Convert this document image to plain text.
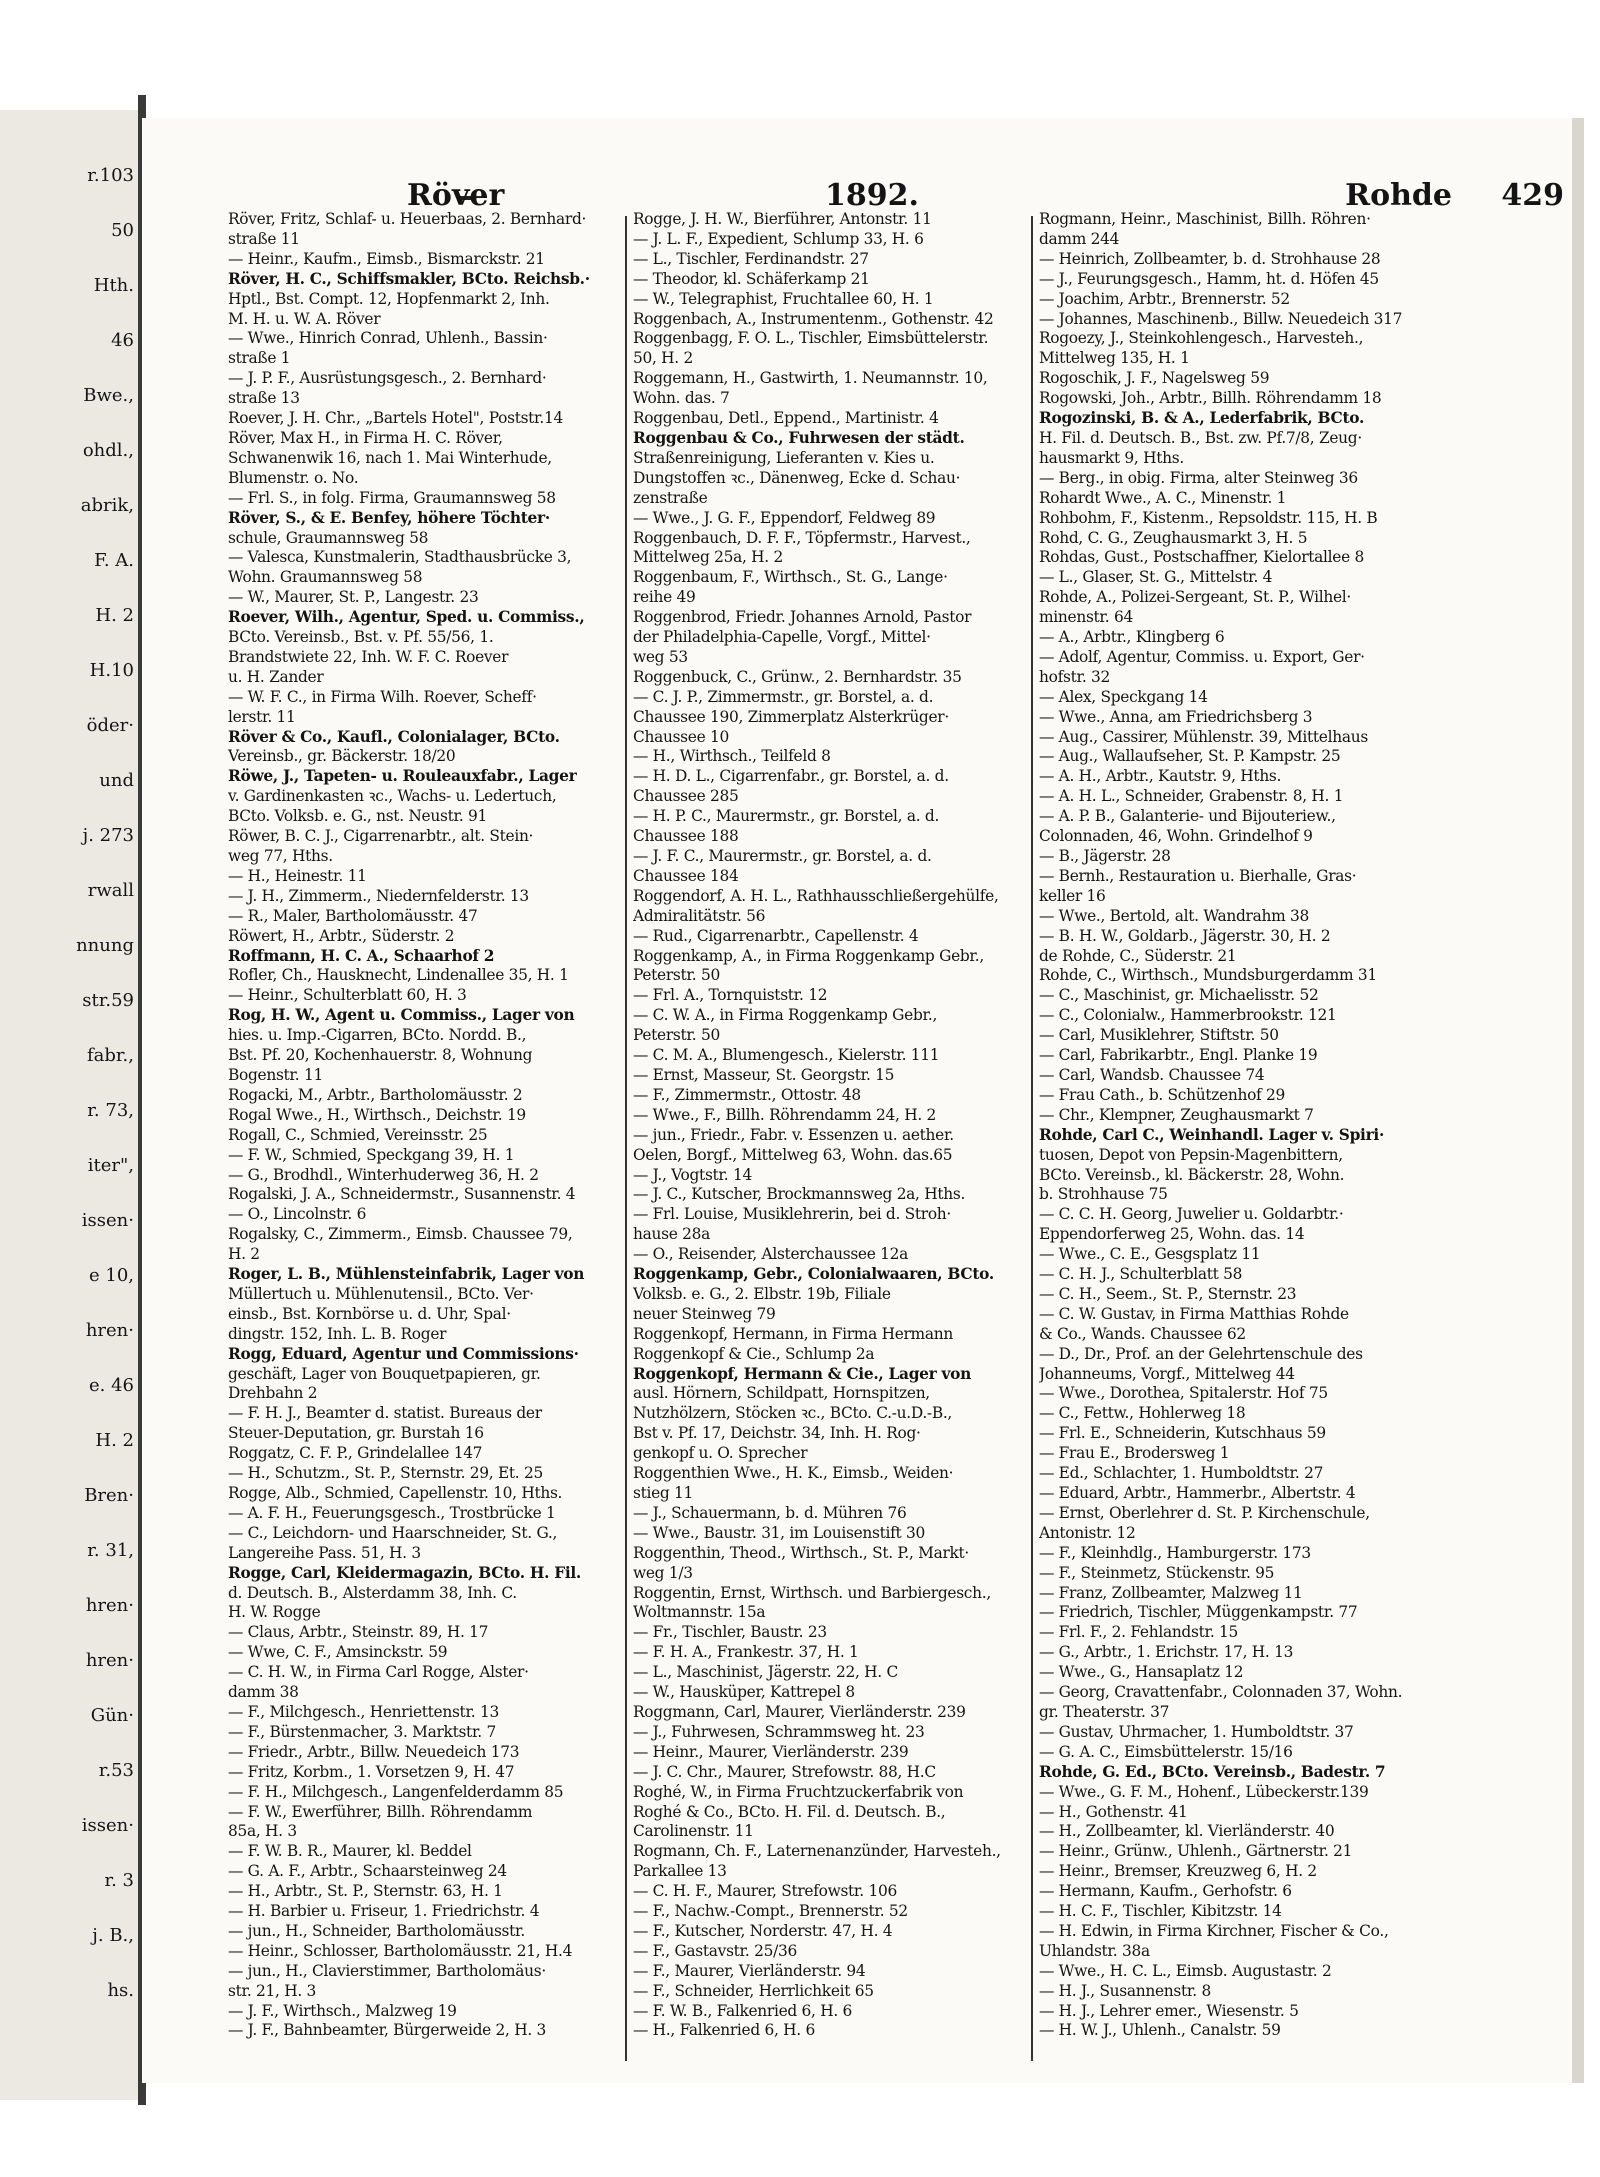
r.103
50
Hth.
46
Bwe.,
ohdl.,
abrik,
F. A.
H. 2
H.10
öder·
und
j. 273
rwall
nnung
str.59
fabr.,
r. 73,
iter",
issen·
e 10,
hren·
e. 46
H. 2
Bren·
r. 31,
hren·
hren·
Gün·
r.53
issen·
r. 3
j. B.,
hs.
Röver	1892.	Rohde 429
Röver, Fritz, Schlaf- u. Heuerbaas, 2. Bernhard·
straße 11
— Heinr., Kaufm., Eimsb., Bismarckstr. 21
Röver, H. C., Schiffsmakler, BCto. Reichsb.·
Hptl., Bst. Compt. 12, Hopfenmarkt 2, Inh.
M. H. u. W. A. Röver
— Wwe., Hinrich Conrad, Uhlenh., Bassin·
straße 1
— J. P. F., Ausrüstungsgesch., 2. Bernhard·
straße 13
Roever, J. H. Chr., „Bartels Hotel", Poststr.14
Röver, Max H., in Firma H. C. Röver,
Schwanenwik 16, nach 1. Mai Winterhude,
Blumenstr. o. No.
— Frl. S., in folg. Firma, Graumannsweg 58
Röver, S., & E. Benfey, höhere Töchter·
schule, Graumannsweg 58
— Valesca, Kunstmalerin, Stadthausbrücke 3,
Wohn. Graumannsweg 58
— W., Maurer, St. P., Langestr. 23
Roever, Wilh., Agentur, Sped. u. Commiss.,
BCto. Vereinsb., Bst. v. Pf. 55/56, 1.
Brandstwiete 22, Inh. W. F. C. Roever
u. H. Zander
— W. F. C., in Firma Wilh. Roever, Scheff·
lerstr. 11
Röver & Co., Kaufl., Colonialager, BCto.
Vereinsb., gr. Bäckerstr. 18/20
Röwe, J., Tapeten- u. Rouleauxfabr., Lager
v. Gardinenkasten ꝛc., Wachs- u. Ledertuch,
BCto. Volksb. e. G., nst. Neustr. 91
Röwer, B. C. J., Cigarrenarbtr., alt. Stein·
weg 77, Hths.
— H., Heinestr. 11
— J. H., Zimmerm., Niedernfelderstr. 13
— R., Maler, Bartholomäusstr. 47
Röwert, H., Arbtr., Süderstr. 2
Roffmann, H. C. A., Schaarhof 2
Rofler, Ch., Hausknecht, Lindenallee 35, H. 1
— Heinr., Schulterblatt 60, H. 3
Rog, H. W., Agent u. Commiss., Lager von
hies. u. Imp.-Cigarren, BCto. Nordd. B.,
Bst. Pf. 20, Kochenhauerstr. 8, Wohnung
Bogenstr. 11
Rogacki, M., Arbtr., Bartholomäusstr. 2
Rogal Wwe., H., Wirthsch., Deichstr. 19
Rogall, C., Schmied, Vereinsstr. 25
— F. W., Schmied, Speckgang 39, H. 1
— G., Brodhdl., Winterhuderweg 36, H. 2
Rogalski, J. A., Schneidermstr., Susannenstr. 4
— O., Lincolnstr. 6
Rogalsky, C., Zimmerm., Eimsb. Chaussee 79,
H. 2
Roger, L. B., Mühlensteinfabrik, Lager von
Müllertuch u. Mühlenutensil., BCto. Ver·
einsb., Bst. Kornbörse u. d. Uhr, Spal·
dingstr. 152, Inh. L. B. Roger
Rogg, Eduard, Agentur und Commissions·
geschäft, Lager von Bouquetpapieren, gr.
Drehbahn 2
— F. H. J., Beamter d. statist. Bureaus der
Steuer-Deputation, gr. Burstah 16
Roggatz, C. F. P., Grindelallee 147
— H., Schutzm., St. P., Sternstr. 29, Et. 25
Rogge, Alb., Schmied, Capellenstr. 10, Hths.
— A. F. H., Feuerungsgesch., Trostbrücke 1
— C., Leichdorn- und Haarschneider, St. G.,
Langereihe Pass. 51, H. 3
Rogge, Carl, Kleidermagazin, BCto. H. Fil.
d. Deutsch. B., Alsterdamm 38, Inh. C.
H. W. Rogge
— Claus, Arbtr., Steinstr. 89, H. 17
— Wwe, C. F., Amsinckstr. 59
— C. H. W., in Firma Carl Rogge, Alster·
damm 38
— F., Milchgesch., Henriettenstr. 13
— F., Bürstenmacher, 3. Marktstr. 7
— Friedr., Arbtr., Billw. Neuedeich 173
— Fritz, Korbm., 1. Vorsetzen 9, H. 47
— F. H., Milchgesch., Langenfelderdamm 85
— F. W., Ewerführer, Billh. Röhrendamm
85a, H. 3
— F. W. B. R., Maurer, kl. Beddel
— G. A. F., Arbtr., Schaarsteinweg 24
— H., Arbtr., St. P., Sternstr. 63, H. 1
— H. Barbier u. Friseur, 1. Friedrichstr. 4
— jun., H., Schneider, Bartholomäusstr.
— Heinr., Schlosser, Bartholomäusstr. 21, H.4
— jun., H., Clavierstimmer, Bartholomäus·
str. 21, H. 3
— J. F., Wirthsch., Malzweg 19
— J. F., Bahnbeamter, Bürgerweide 2, H. 3
Rogge, J. H. W., Bierführer, Antonstr. 11
— J. L. F., Expedient, Schlump 33, H. 6
— L., Tischler, Ferdinandstr. 27
— Theodor, kl. Schäferkamp 21
— W., Telegraphist, Fruchtallee 60, H. 1
Roggenbach, A., Instrumentenm., Gothenstr. 42
Roggenbagg, F. O. L., Tischler, Eimsbüttelerstr.
50, H. 2
Roggemann, H., Gastwirth, 1. Neumannstr. 10,
Wohn. das. 7
Roggenbau, Detl., Eppend., Martinistr. 4
Roggenbau & Co., Fuhrwesen der städt.
Straßenreinigung, Lieferanten v. Kies u.
Dungstoffen ꝛc., Dänenweg, Ecke d. Schau·
zenstraße
— Wwe., J. G. F., Eppendorf, Feldweg 89
Roggenbauch, D. F. F., Töpfermstr., Harvest.,
Mittelweg 25a, H. 2
Roggenbaum, F., Wirthsch., St. G., Lange·
reihe 49
Roggenbrod, Friedr. Johannes Arnold, Pastor
der Philadelphia-Capelle, Vorgf., Mittel·
weg 53
Roggenbuck, C., Grünw., 2. Bernhardstr. 35
— C. J. P., Zimmermstr., gr. Borstel, a. d.
Chaussee 190, Zimmerplatz Alsterkrüger·
Chaussee 10
— H., Wirthsch., Teilfeld 8
— H. D. L., Cigarrenfabr., gr. Borstel, a. d.
Chaussee 285
— H. P. C., Maurermstr., gr. Borstel, a. d.
Chaussee 188
— J. F. C., Maurermstr., gr. Borstel, a. d.
Chaussee 184
Roggendorf, A. H. L., Rathhausschließergehülfe,
Admiralitätstr. 56
— Rud., Cigarrenarbtr., Capellenstr. 4
Roggenkamp, A., in Firma Roggenkamp Gebr.,
Peterstr. 50
— Frl. A., Tornquiststr. 12
— C. W. A., in Firma Roggenkamp Gebr.,
Peterstr. 50
— C. M. A., Blumengesch., Kielerstr. 111
— Ernst, Masseur, St. Georgstr. 15
— F., Zimmermstr., Ottostr. 48
— Wwe., F., Billh. Röhrendamm 24, H. 2
— jun., Friedr., Fabr. v. Essenzen u. aether.
Oelen, Borgf., Mittelweg 63, Wohn. das.65
— J., Vogtstr. 14
— J. C., Kutscher, Brockmannsweg 2a, Hths.
— Frl. Louise, Musiklehrerin, bei d. Stroh·
hause 28a
— O., Reisender, Alsterchaussee 12a
Roggenkamp, Gebr., Colonialwaaren, BCto.
Volksb. e. G., 2. Elbstr. 19b, Filiale
neuer Steinweg 79
Roggenkopf, Hermann, in Firma Hermann
Roggenkopf & Cie., Schlump 2a
Roggenkopf, Hermann & Cie., Lager von
ausl. Hörnern, Schildpatt, Hornspitzen,
Nutzhölzern, Stöcken ꝛc., BCto. C.-u.D.-B.,
Bst v. Pf. 17, Deichstr. 34, Inh. H. Rog·
genkopf u. O. Sprecher
Roggenthien Wwe., H. K., Eimsb., Weiden·
stieg 11
— J., Schauermann, b. d. Mühren 76
— Wwe., Baustr. 31, im Louisenstift 30
Roggenthin, Theod., Wirthsch., St. P., Markt·
weg 1/3
Roggentin, Ernst, Wirthsch. und Barbiergesch.,
Woltmannstr. 15a
— Fr., Tischler, Baustr. 23
— F. H. A., Frankestr. 37, H. 1
— L., Maschinist, Jägerstr. 22, H. C
— W., Hausküper, Kattrepel 8
Roggmann, Carl, Maurer, Vierländerstr. 239
— J., Fuhrwesen, Schrammsweg ht. 23
— Heinr., Maurer, Vierländerstr. 239
— J. C. Chr., Maurer, Strefowstr. 88, H.C
Roghé, W., in Firma Fruchtzuckerfabrik von
Roghé & Co., BCto. H. Fil. d. Deutsch. B.,
Carolinenstr. 11
Rogmann, Ch. F., Laternenanzünder, Harvesteh.,
Parkallee 13
— C. H. F., Maurer, Strefowstr. 106
— F., Nachw.-Compt., Brennerstr. 52
— F., Kutscher, Norderstr. 47, H. 4
— F., Gastavstr. 25/36
— F., Maurer, Vierländerstr. 94
— F., Schneider, Herrlichkeit 65
— F. W. B., Falkenried 6, H. 6
— H., Falkenried 6, H. 6
Rogmann, Heinr., Maschinist, Billh. Röhren·
damm 244
— Heinrich, Zollbeamter, b. d. Strohhause 28
— J., Feurungsgesch., Hamm, ht. d. Höfen 45
— Joachim, Arbtr., Brennerstr. 52
— Johannes, Maschinenb., Billw. Neuedeich 317
Rogoezy, J., Steinkohlengesch., Harvesteh.,
Mittelweg 135, H. 1
Rogoschik, J. F., Nagelsweg 59
Rogowski, Joh., Arbtr., Billh. Röhrendamm 18
Rogozinski, B. & A., Lederfabrik, BCto.
H. Fil. d. Deutsch. B., Bst. zw. Pf.7/8, Zeug·
hausmarkt 9, Hths.
— Berg., in obig. Firma, alter Steinweg 36
Rohardt Wwe., A. C., Minenstr. 1
Rohbohm, F., Kistenm., Repsoldstr. 115, H. B
Rohd, C. G., Zeughausmarkt 3, H. 5
Rohdas, Gust., Postschaffner, Kielortallee 8
— L., Glaser, St. G., Mittelstr. 4
Rohde, A., Polizei-Sergeant, St. P., Wilhel·
minenstr. 64
— A., Arbtr., Klingberg 6
— Adolf, Agentur, Commiss. u. Export, Ger·
hofstr. 32
— Alex, Speckgang 14
— Wwe., Anna, am Friedrichsberg 3
— Aug., Cassirer, Mühlenstr. 39, Mittelhaus
— Aug., Wallaufseher, St. P. Kampstr. 25
— A. H., Arbtr., Kautstr. 9, Hths.
— A. H. L., Schneider, Grabenstr. 8, H. 1
— A. P. B., Galanterie- und Bijouteriew.,
Colonnaden, 46, Wohn. Grindelhof 9
— B., Jägerstr. 28
— Bernh., Restauration u. Bierhalle, Gras·
keller 16
— Wwe., Bertold, alt. Wandrahm 38
— B. H. W., Goldarb., Jägerstr. 30, H. 2
de Rohde, C., Süderstr. 21
Rohde, C., Wirthsch., Mundsburgerdamm 31
— C., Maschinist, gr. Michaelisstr. 52
— C., Colonialw., Hammerbrookstr. 121
— Carl, Musiklehrer, Stiftstr. 50
— Carl, Fabrikarbtr., Engl. Planke 19
— Carl, Wandsb. Chaussee 74
— Frau Cath., b. Schützenhof 29
— Chr., Klempner, Zeughausmarkt 7
Rohde, Carl C., Weinhandl. Lager v. Spiri·
tuosen, Depot von Pepsin-Magenbittern,
BCto. Vereinsb., kl. Bäckerstr. 28, Wohn.
b. Strohhause 75
— C. C. H. Georg, Juwelier u. Goldarbtr.·
Eppendorferweg 25, Wohn. das. 14
— Wwe., C. E., Gesgsplatz 11
— C. H. J., Schulterblatt 58
— C. H., Seem., St. P., Sternstr. 23
— C. W. Gustav, in Firma Matthias Rohde
& Co., Wands. Chaussee 62
— D., Dr., Prof. an der Gelehrtenschule des
Johanneums, Vorgf., Mittelweg 44
— Wwe., Dorothea, Spitalerstr. Hof 75
— C., Fettw., Hohlerweg 18
— Frl. E., Schneiderin, Kutschhaus 59
— Frau E., Brodersweg 1
— Ed., Schlachter, 1. Humboldtstr. 27
— Eduard, Arbtr., Hammerbr., Albertstr. 4
— Ernst, Oberlehrer d. St. P. Kirchenschule,
Antonistr. 12
— F., Kleinhdlg., Hamburgerstr. 173
— F., Steinmetz, Stückenstr. 95
— Franz, Zollbeamter, Malzweg 11
— Friedrich, Tischler, Müggenkampstr. 77
— Frl. F., 2. Fehlandstr. 15
— G., Arbtr., 1. Erichstr. 17, H. 13
— Wwe., G., Hansaplatz 12
— Georg, Cravattenfabr., Colonnaden 37, Wohn.
gr. Theaterstr. 37
— Gustav, Uhrmacher, 1. Humboldtstr. 37
— G. A. C., Eimsbüttelerstr. 15/16
Rohde, G. Ed., BCto. Vereinsb., Badestr. 7
— Wwe., G. F. M., Hohenf., Lübeckerstr.139
— H., Gothenstr. 41
— H., Zollbeamter, kl. Vierländerstr. 40
— Heinr., Grünw., Uhlenh., Gärtnerstr. 21
— Heinr., Bremser, Kreuzweg 6, H. 2
— Hermann, Kaufm., Gerhofstr. 6
— H. C. F., Tischler, Kibitzstr. 14
— H. Edwin, in Firma Kirchner, Fischer & Co.,
Uhlandstr. 38a
— Wwe., H. C. L., Eimsb. Augustastr. 2
— H. J., Susannenstr. 8
— H. J., Lehrer emer., Wiesenstr. 5
— H. W. J., Uhlenh., Canalstr. 59
